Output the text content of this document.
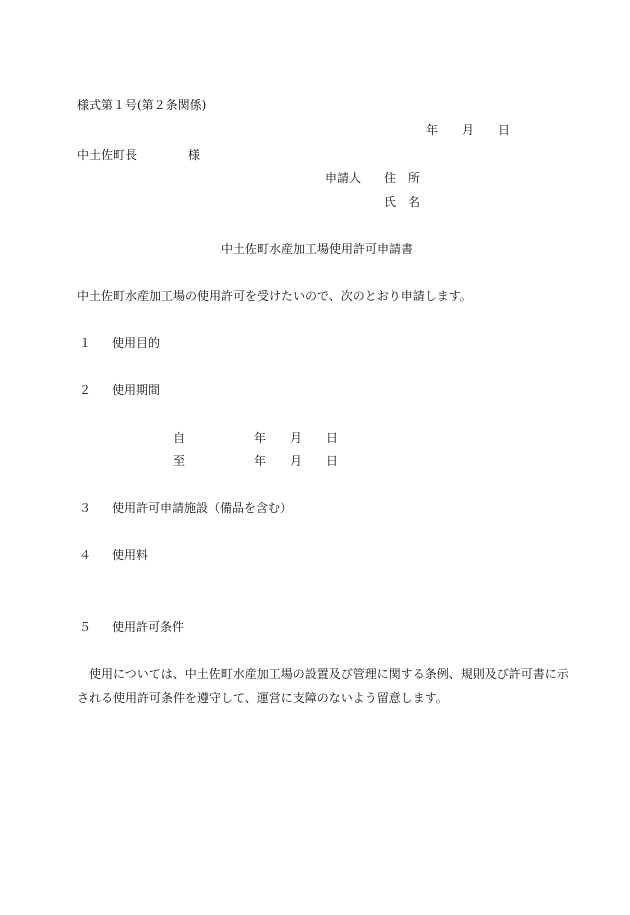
様式第１号(第２条関係)
年 月 日
中土佐町長	様
申請人 住　所
氏　名
中土佐町水産加工場使用許可申請書
中土佐町水産加工場の使用許可を受けたいので、次のとおり申請します。
１ 使用目的
２ 使用期間
自	年 月 日
至	年 月 日
３ 使用許可申請施設（備品を含む）
４ 使用料
５ 使用許可条件
使用については、中土佐町水産加工場の設置及び管理に関する条例、規則及び許可書に示
される使用許可条件を遵守して、運営に支障のないよう留意します。
